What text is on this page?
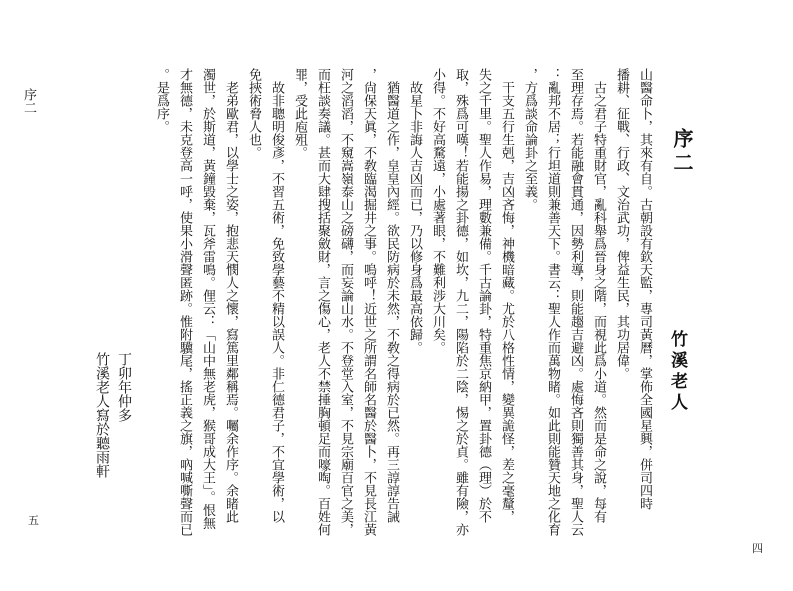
序二	，尙保天眞，不敎臨渴掘井之事。嗚呼！近世之所謂名師名醫於醫卜，不見長江黃
河之滔滔，不窺嵩嶺泰山之磅礴，而妄論山水。不登堂入室，不見宗廟百官之美，
而枉談奏議。甚而大肆搜括聚斂財，言之傷心，老人不禁捶胸頓足而嚎啕。百姓何
罪，受此庖殂。
　故非聰明俊彥，不習五術，免致學藝不精以誤人。非仁德君子，不宜學術，以
免挾術脅人也。
　老弟歐君，以學士之姿，抱悲天憫人之懷，寫篤里鄰稱焉。囑余作序。余睹此
濁世，於斯道，黃鐘毀棄，瓦斧雷鳴。俚云：「山中無老虎，猴哥成大王」。恨無
才無德，未克登高一呼，使果小滑聲匿跡。惟附驥尾，搖正義之旗，吶喊嘶聲而已
。是爲序。
丁卯年仲多
竹溪老人寫於聽雨軒
五
序二
竹溪老人
山醫命卜，其來有自。古朝設有欽天監，專司黃曆，掌佈全國星興，併司四時
播耕、征戰、行政、文治武功，俾益生民，其功居偉。
　古之君子特重財官，亂科舉爲晉身之階，而視此爲小道。然而是命之說，每有
至理存焉。若能融會貫通，因勢利導，則能趨吉避凶。處悔吝則獨善其身，聖人云
：亂邦不居；行坦道則兼善天下。書云：聖人作而萬物睹。如此則能贊天地之化育
，方爲談命論卦之至義。
　干支五行生剋，吉凶吝悔，神機暗藏。尤於八格性情，變異詭怪，差之毫釐，
失之千里。聖人作易，理數兼備。千古論卦，特重焦京納甲，置卦德（理）於不
取，殊爲可嘆！若能揚之卦德，如坎，九二，陽陷於二陰，惕之於貞。雖有險，亦
小得。不好高騖遠，小處著眼，不難利涉大川矣。
　故星卜非誨人吉凶而已，乃以修身爲最高依歸。
　猶醫道之作，皇皇內經。欲民防病於未然，不敎之得病於已然。再三諄諄告誡
四
